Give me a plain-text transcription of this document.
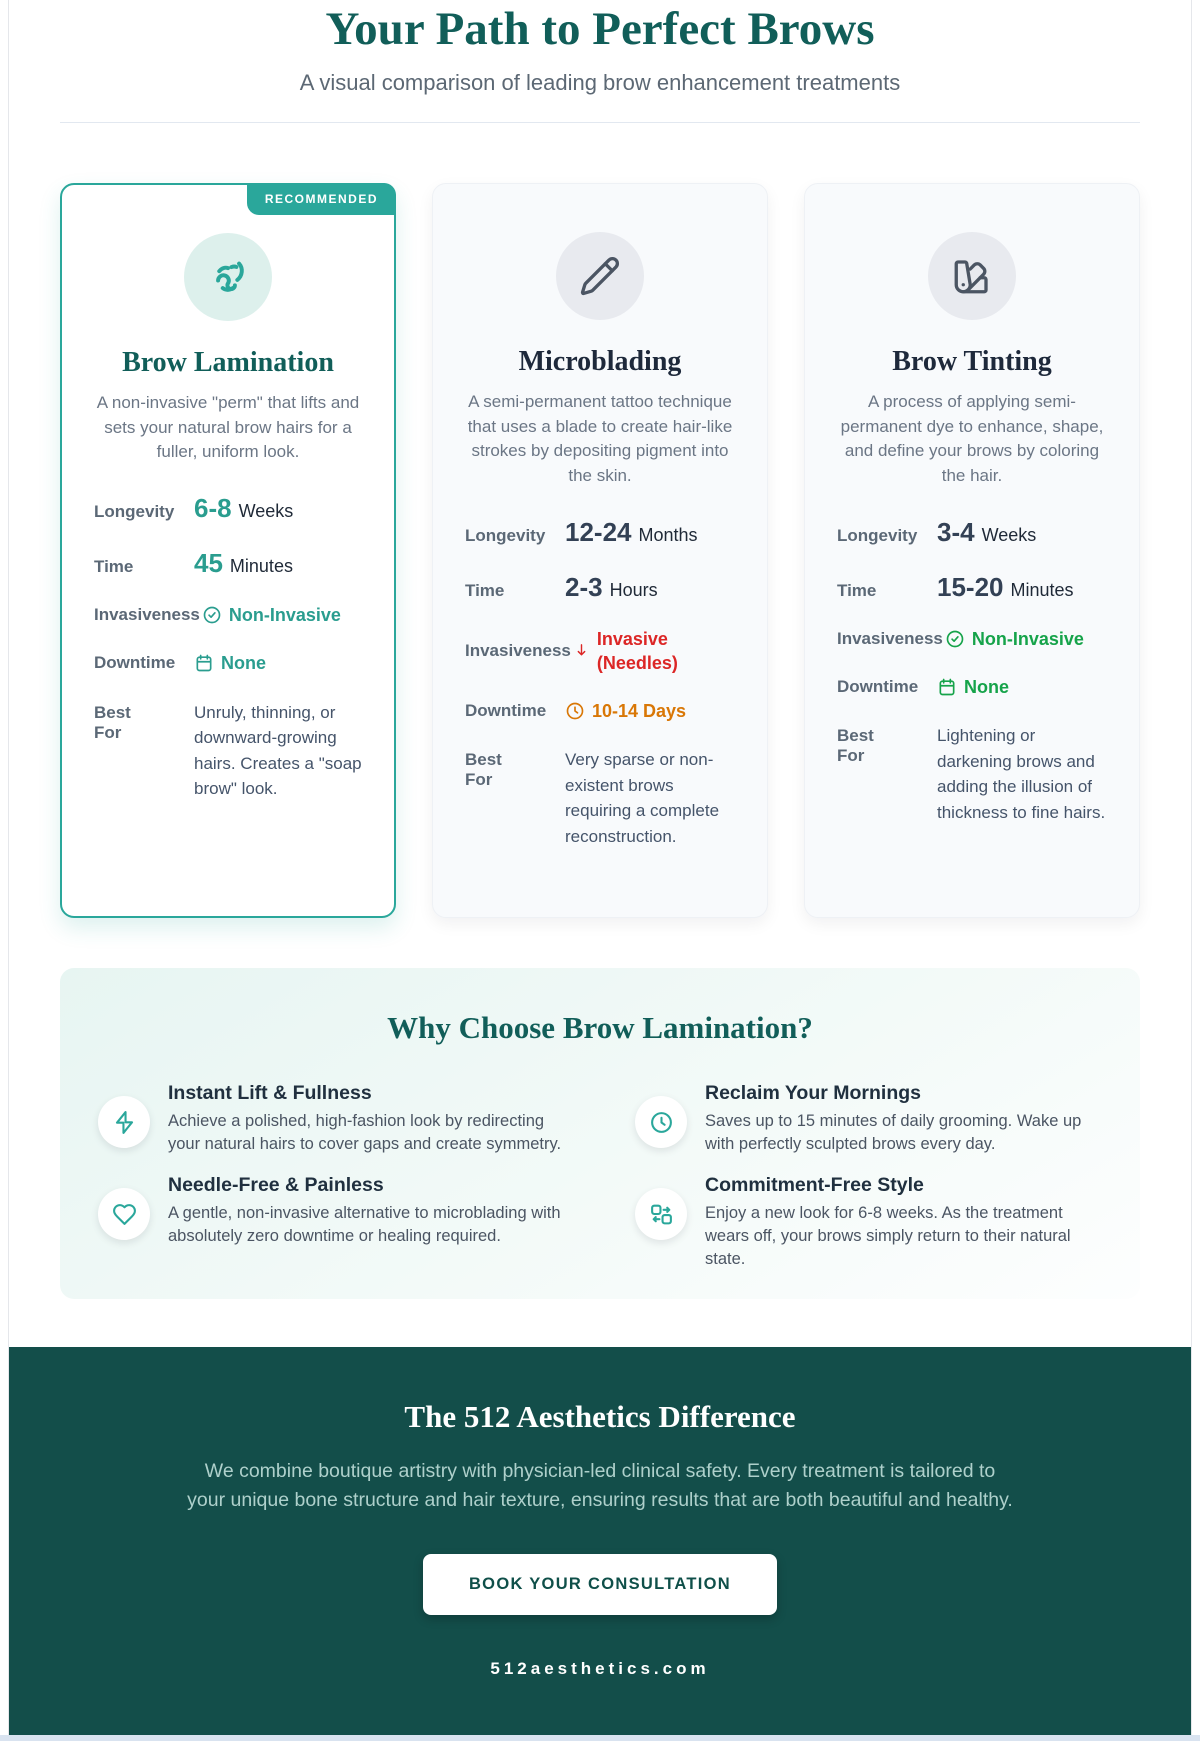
Your Path to Perfect Brows

A visual comparison of leading brow enhancement treatments

RECOMMENDED
Brow Lamination
A non-invasive "perm" that lifts and sets your natural brow hairs for a fuller, uniform look.
Longevity 6-8 Weeks
Time	45 Minutes
Invasiveness Non-Invasive
Downtime	None
Best For
Unruly, thinning, or downward-growing hairs. Creates a "soap brow" look.
Microblading
A semi-permanent tattoo technique that uses a blade to create hair-like strokes by depositing pigment into the skin.
Longevity 12-24 Months
Time	2-3 Hours
Invasiveness
Invasive (Needles)
Downtime	10-14 Days
Best For
Very sparse or non-existent brows requiring a complete reconstruction.
Brow Tinting
A process of applying semi-permanent dye to enhance, shape, and define your brows by coloring the hair.
Longevity 3-4 Weeks
Time	15-20 Minutes
Invasiveness Non-Invasive
Downtime	None
Best For
Lightening or darkening brows and adding the illusion of thickness to fine hairs.
Why Choose Brow Lamination?
Instant Lift & Fullness
Achieve a polished, high-fashion look by redirecting your natural hairs to cover gaps and create symmetry.
Reclaim Your Mornings
Saves up to 15 minutes of daily grooming. Wake up with perfectly sculpted brows every day.
Needle-Free & Painless
A gentle, non-invasive alternative to microblading with absolutely zero downtime or healing required.
Commitment-Free Style
Enjoy a new look for 6-8 weeks. As the treatment wears off, your brows simply return to their natural state.
The 512 Aesthetics Difference

We combine boutique artistry with physician-led clinical safety. Every treatment is tailored to your unique bone structure and hair texture, ensuring results that are both beautiful and healthy.

BOOK YOUR CONSULTATION
512aesthetics.com
